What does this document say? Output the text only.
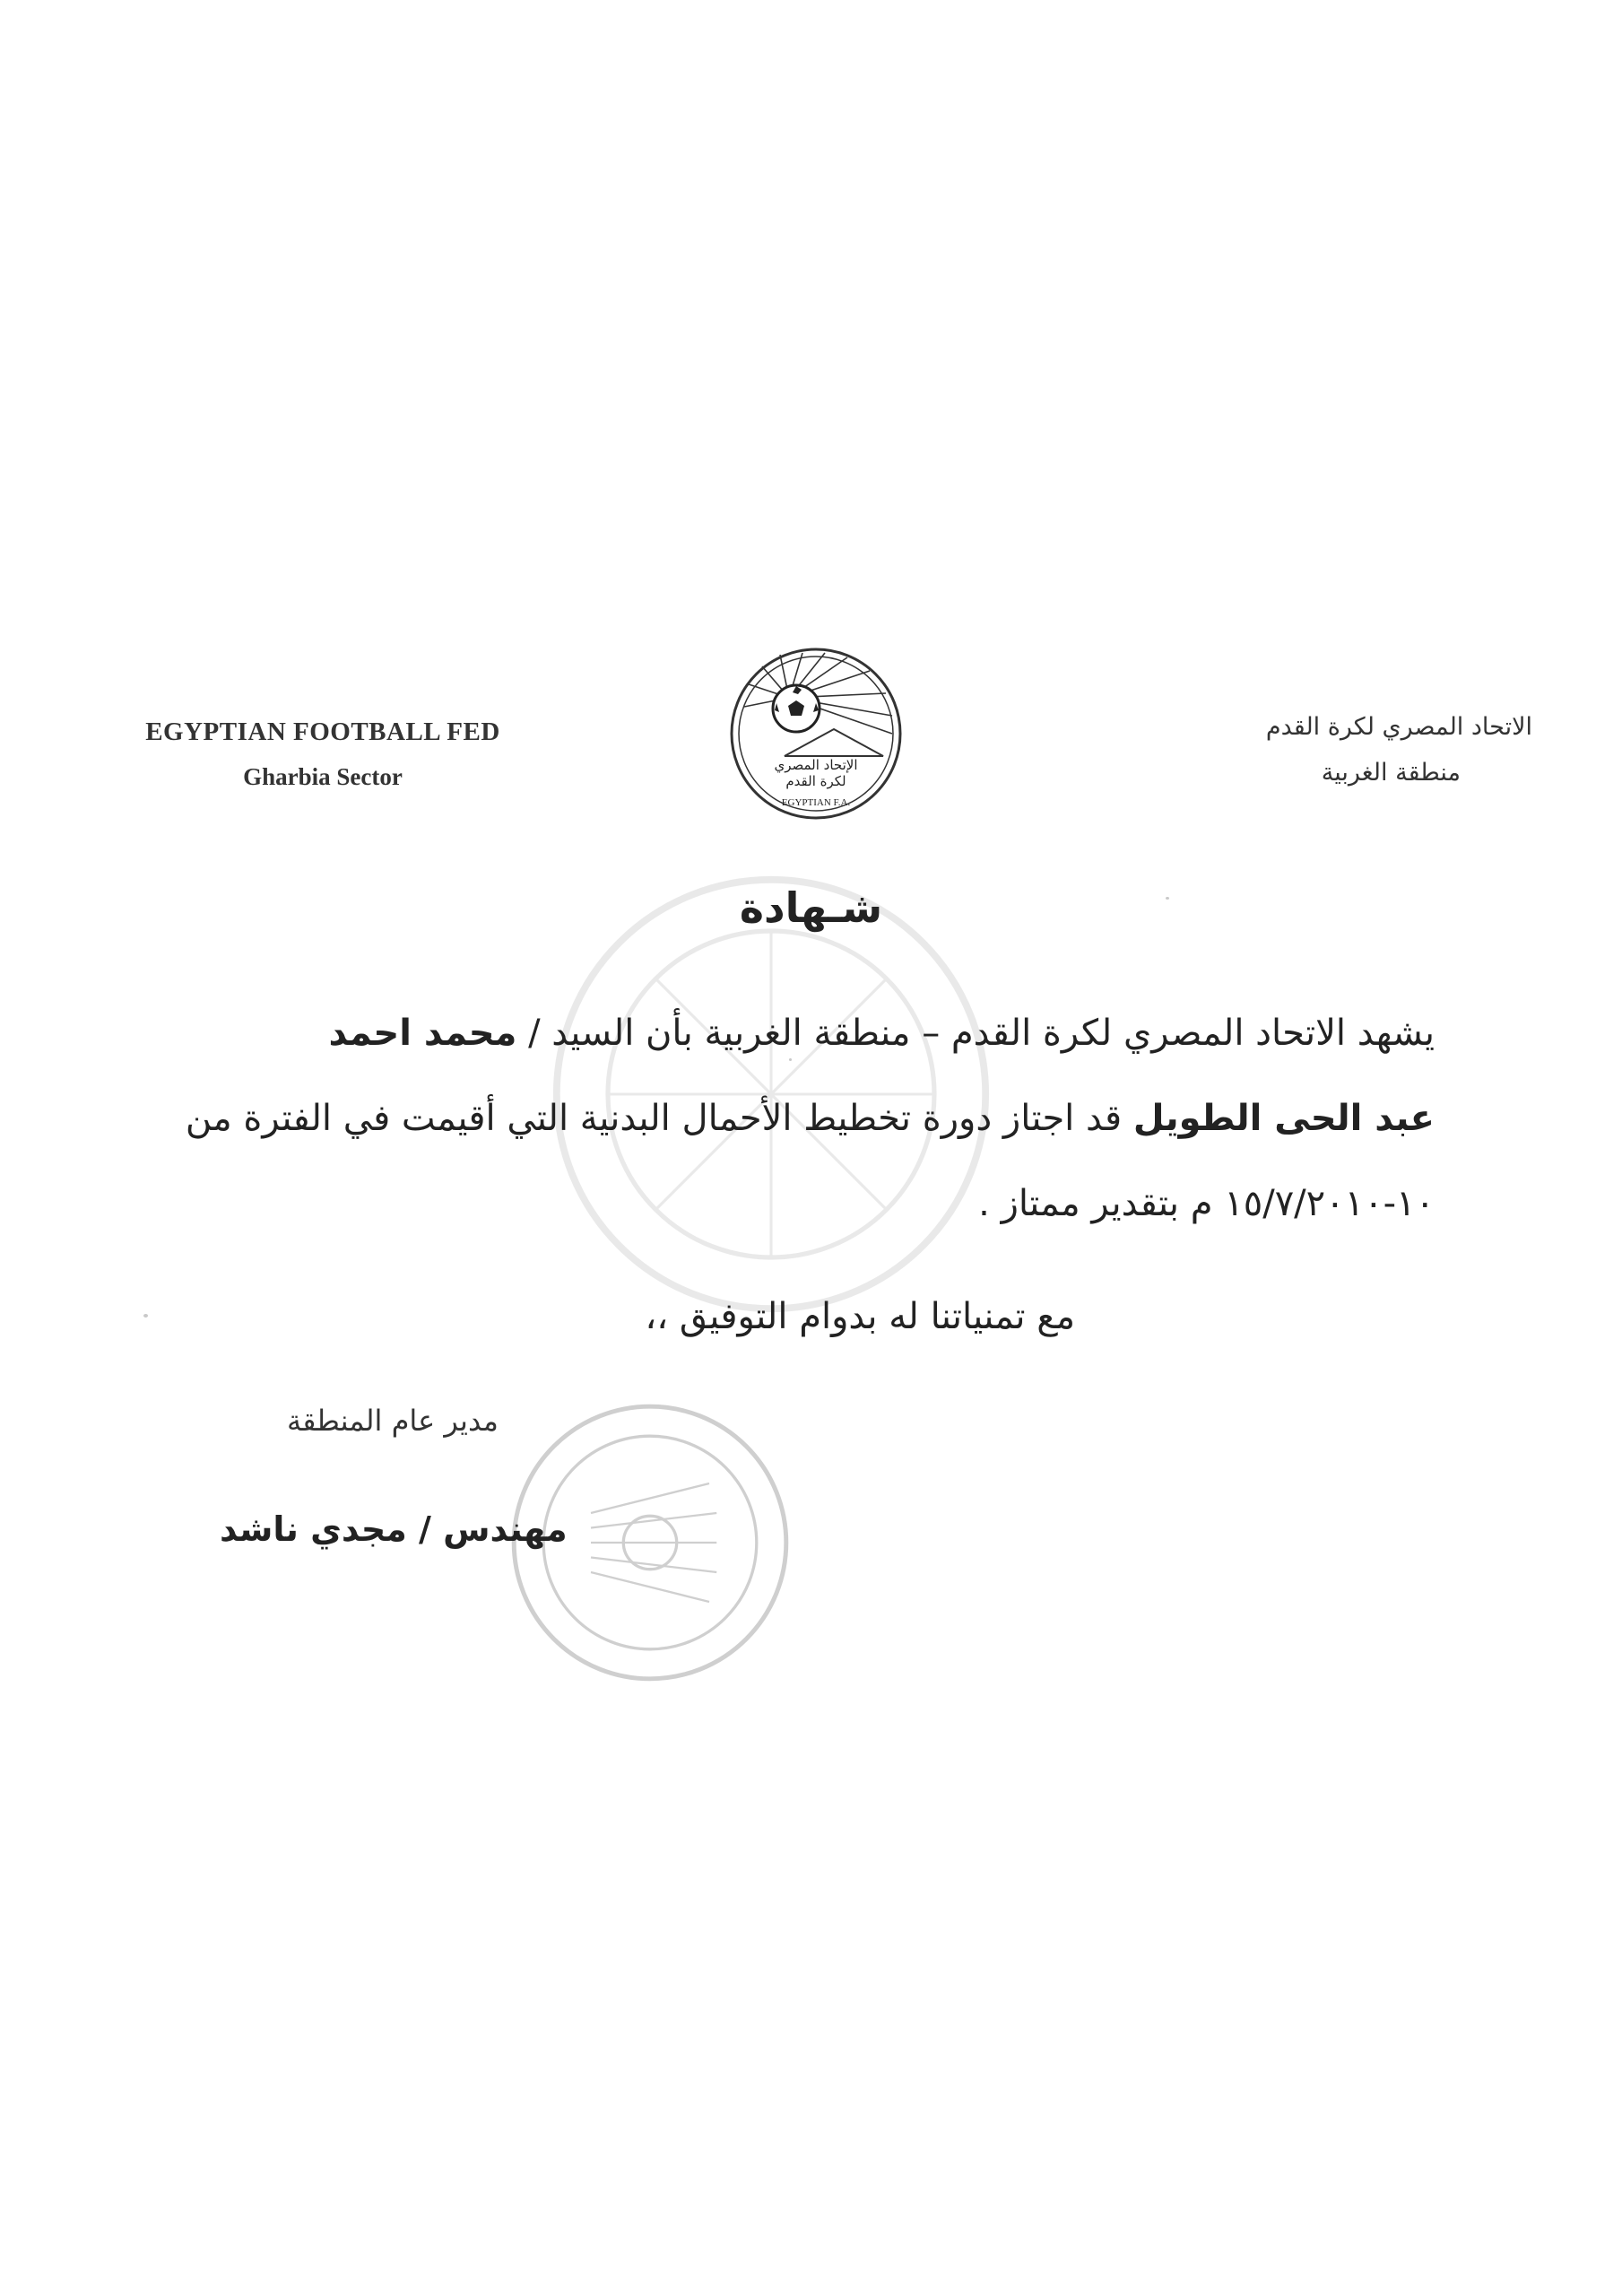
EGYPTIAN FOOTBALL FED
Gharbia Sector	الإتحاد المصري
لكرة القدم
EGYPTIAN F.A.
الاتحاد المصري لكرة القدم
منطقة الغربية
شـهادة
يشهد الاتحاد المصري لكرة القدم – منطقة الغربية بأن السيد / محمد احمد
عبد الحى الطويل قد اجتاز دورة تخطيط الأحمال البدنية التي أقيمت في الفترة من
١٠-١٥/٧/٢٠١٠ م بتقدير ممتاز .
مع تمنياتنا له بدوام التوفيق ،،
مدير عام المنطقة
مهندس / مجدي ناشد
